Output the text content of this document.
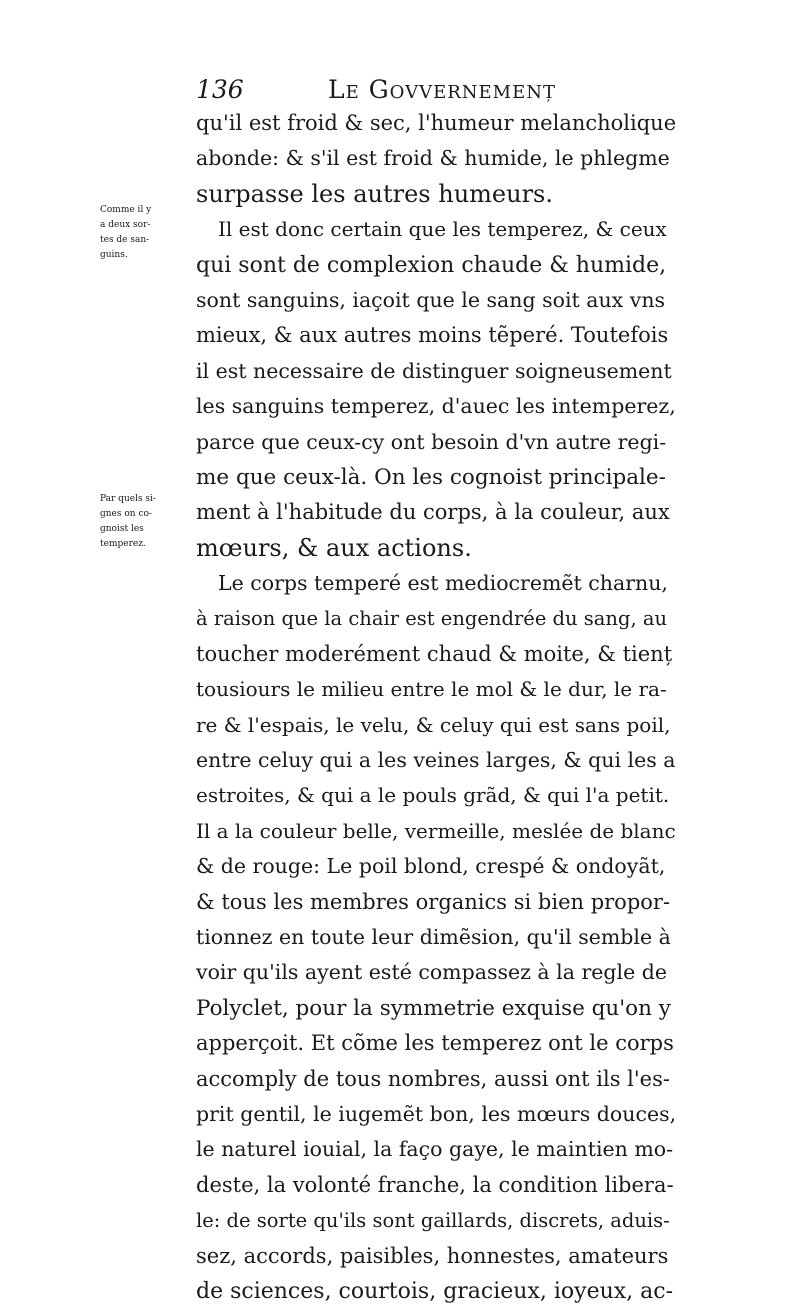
136	Le Govvernemenț
Comme il y
a deux sor-
tes de san-
guins.
Par quels si-
gnes on co-
gnoist les
temperez.
qu'il est froid & sec, l'humeur melancholique
abonde: & s'il est froid & humide, le phlegme
surpasse les autres humeurs.
Il est donc certain que les temperez, & ceux
qui sont de complexion chaude & humide,
sont sanguins, iaçoit que le sang soit aux vns
mieux, & aux autres moins tẽperé. Toutefois
il est necessaire de distinguer soigneusement
les sanguins temperez, d'auec les intemperez,
parce que ceux-cy ont besoin d'vn autre regi-
me que ceux-là. On les cognoist principale-
ment à l'habitude du corps, à la couleur, aux
mœurs, & aux actions.
Le corps temperé est mediocremẽt charnu,
à raison que la chair est engendrée du sang, au
toucher moderément chaud & moite, & tienț
tousiours le milieu entre le mol & le dur, le ra-
re & l'espais, le velu, & celuy qui est sans poil,
entre celuy qui a les veines larges, & qui les a
estroites, & qui a le pouls grãd, & qui l'a petit.
Il a la couleur belle, vermeille, meslée de blanc
& de rouge: Le poil blond, crespé & ondoyãt,
& tous les membres organics si bien propor-
tionnez en toute leur dimẽsion, qu'il semble à
voir qu'ils ayent esté compassez à la regle de
Polyclet, pour la symmetrie exquise qu'on y
apperçoit. Et cõme les temperez ont le corps
accomply de tous nombres, aussi ont ils l'es-
prit gentil, le iugemẽt bon, les mœurs douces,
le naturel iouial, la faço gaye, le maintien mo-
deste, la volonté franche, la condition libera-
le: de sorte qu'ils sont gaillards, discrets, aduis-
sez, accords, paisibles, honnestes, amateurs
de sciences, courtois, gracieux, ioyeux, ac-
